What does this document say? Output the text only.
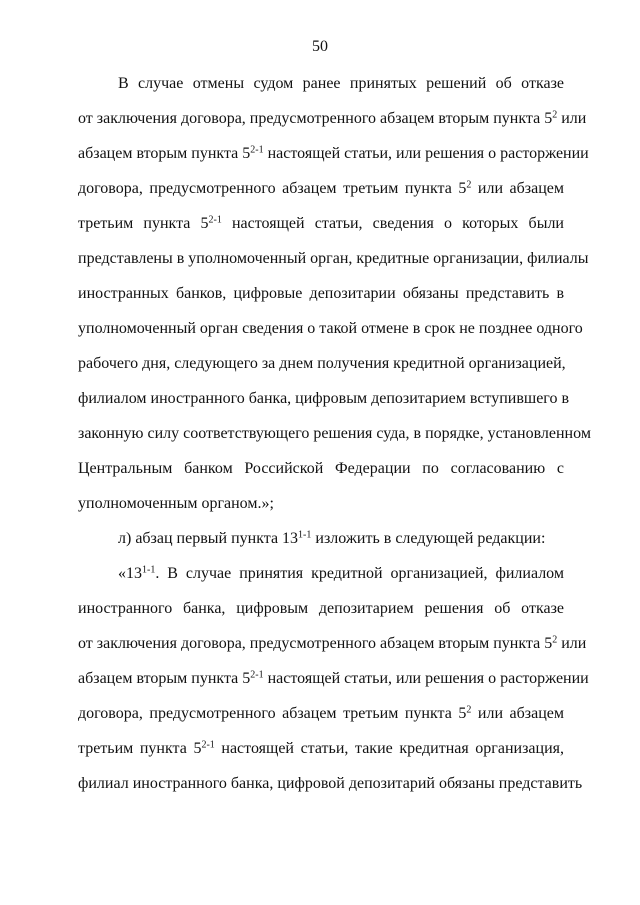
50
В случае отмены судом ранее принятых решений об отказе
от заключения договора, предусмотренного абзацем вторым пункта $5^2$ или
абзацем вторым пункта 5$^{2-1}$ настоящей статьи, или решения о расторжении
договора, предусмотренного абзацем третьим пункта $5^2$ или абзацем
третьим пункта 5$^{2-1}$ настоящей статьи, сведения о которых были
представлены в уполномоченный орган, кредитные организации, филиалы
иностранных банков, цифровые депозитарии обязаны представить в
уполномоченный орган сведения о такой отмене в срок не позднее одного
рабочего дня, следующего за днем получения кредитной организацией,
филиалом иностранного банка, цифровым депозитарием вступившего в
законную силу соответствующего решения суда, в порядке, установленном
Центральным банком Российской Федерации по согласованию с
уполномоченным органом.»;
л) абзац первый пункта 13$^{1-1}$ изложить в следующей редакции:
«13$^{1-1}$. В случае принятия кредитной организацией, филиалом
иностранного банка, цифровым депозитарием решения об отказе
от заключения договора, предусмотренного абзацем вторым пункта $5^2$ или
абзацем вторым пункта 5$^{2-1}$ настоящей статьи, или решения о расторжении
договора, предусмотренного абзацем третьим пункта $5^2$ или абзацем
третьим пункта 5$^{2-1}$ настоящей статьи, такие кредитная организация,
филиал иностранного банка, цифровой депозитарий обязаны представить
